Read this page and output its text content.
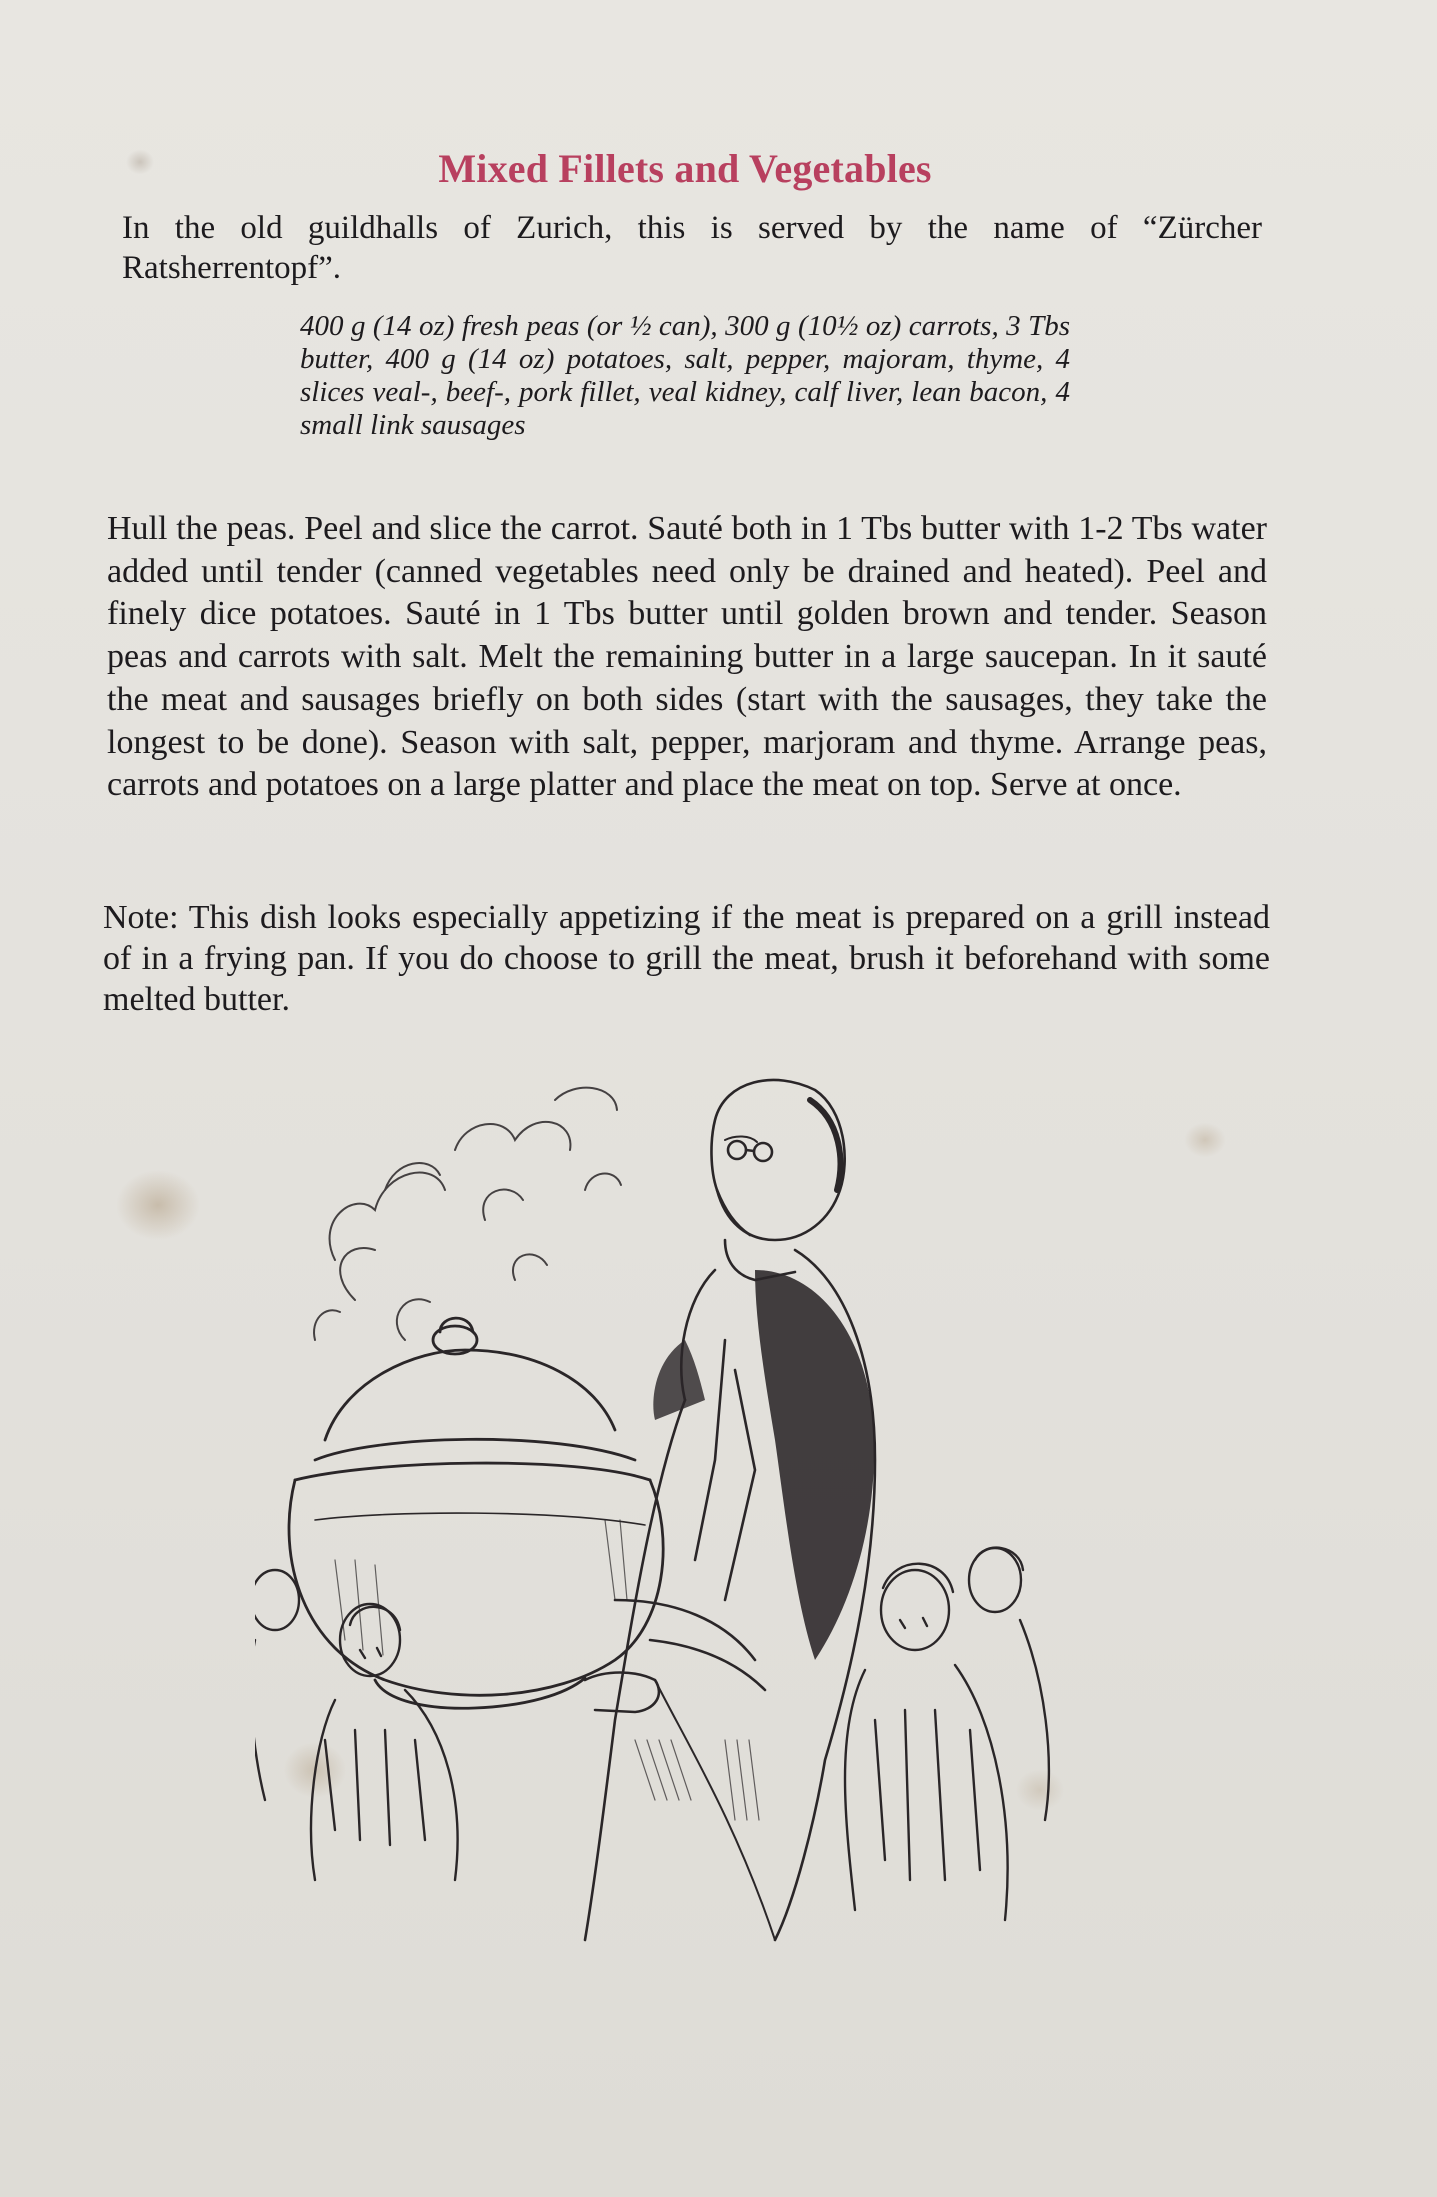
Mixed Fillets and Vegetables

In the old guildhalls of Zurich, this is served by the name of “Zürcher Ratsherrentopf”.

400 g (14 oz) fresh peas (or ½ can), 300 g (10½ oz) carrots, 3 Tbs butter, 400 g (14 oz) potatoes, salt, pepper, majoram, thyme, 4 slices veal-, beef-, pork fillet, veal kidney, calf liver, lean bacon, 4 small link sausages

Hull the peas. Peel and slice the carrot. Sauté both in 1 Tbs butter with 1-2 Tbs water added until tender (canned vegetables need only be drained and heated). Peel and finely dice potatoes. Sauté in 1 Tbs butter until golden brown and tender. Season peas and carrots with salt. Melt the remaining butter in a large saucepan. In it sauté the meat and sausages briefly on both sides (start with the sausages, they take the longest to be done). Season with salt, pepper, marjoram and thyme. Arrange peas, carrots and potatoes on a large platter and place the meat on top. Serve at once.

Note: This dish looks especially appetizing if the meat is prepared on a grill instead of in a frying pan. If you do choose to grill the meat, brush it beforehand with some melted butter.
